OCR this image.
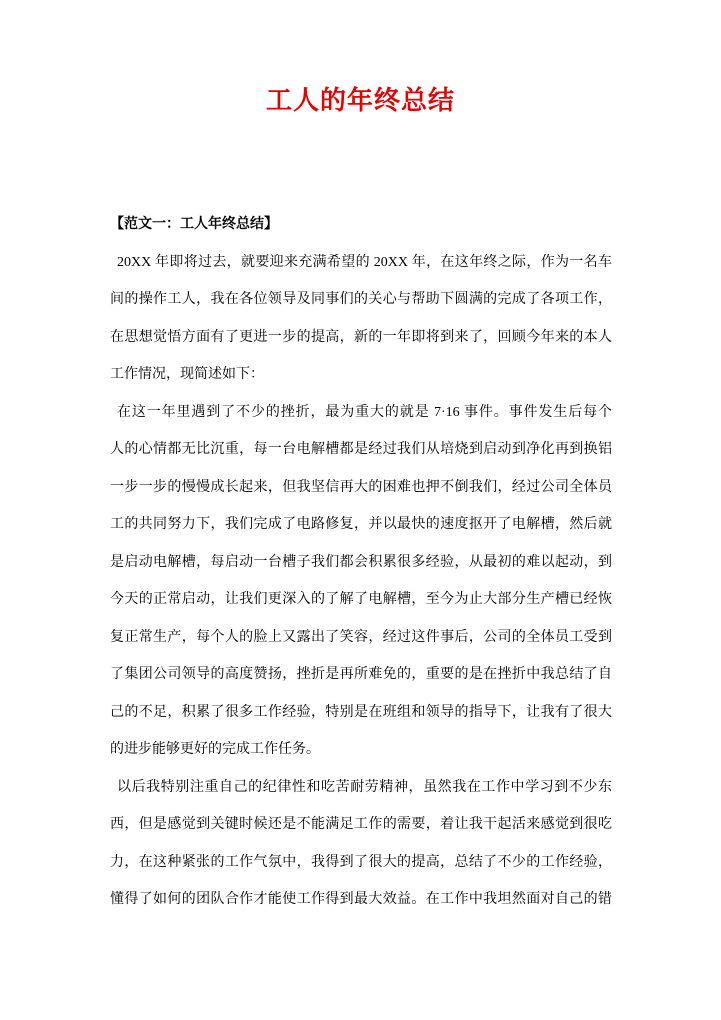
工人的年终总结
【范文一：工人年终总结】
20XX 年即将过去，就要迎来充满希望的 20XX 年，在这年终之际，作为一名车
间的操作工人，我在各位领导及同事们的关心与帮助下圆满的完成了各项工作，
在思想觉悟方面有了更进一步的提高，新的一年即将到来了，回顾今年来的本人
工作情况，现简述如下：
在这一年里遇到了不少的挫折，最为重大的就是 7·16 事件。事件发生后每个
人的心情都无比沉重，每一台电解槽都是经过我们从培烧到启动到净化再到换铝
一步一步的慢慢成长起来，但我坚信再大的困难也押不倒我们，经过公司全体员
工的共同努力下，我们完成了电路修复，并以最快的速度抠开了电解槽，然后就
是启动电解槽，每启动一台槽子我们都会积累很多经验，从最初的难以起动，到
今天的正常启动，让我们更深入的了解了电解槽，至今为止大部分生产槽已经恢
复正常生产，每个人的脸上又露出了笑容，经过这件事后，公司的全体员工受到
了集团公司领导的高度赞扬，挫折是再所难免的，重要的是在挫折中我总结了自
己的不足，积累了很多工作经验，特别是在班组和领导的指导下，让我有了很大
的进步能够更好的完成工作任务。
以后我特别注重自己的纪律性和吃苦耐劳精神，虽然我在工作中学习到不少东
西，但是感觉到关键时候还是不能满足工作的需要，着让我干起活来感觉到很吃
力，在这种紧张的工作气氛中，我得到了很大的提高，总结了不少的工作经验，
懂得了如何的团队合作才能使工作得到最大效益。在工作中我坦然面对自己的错
